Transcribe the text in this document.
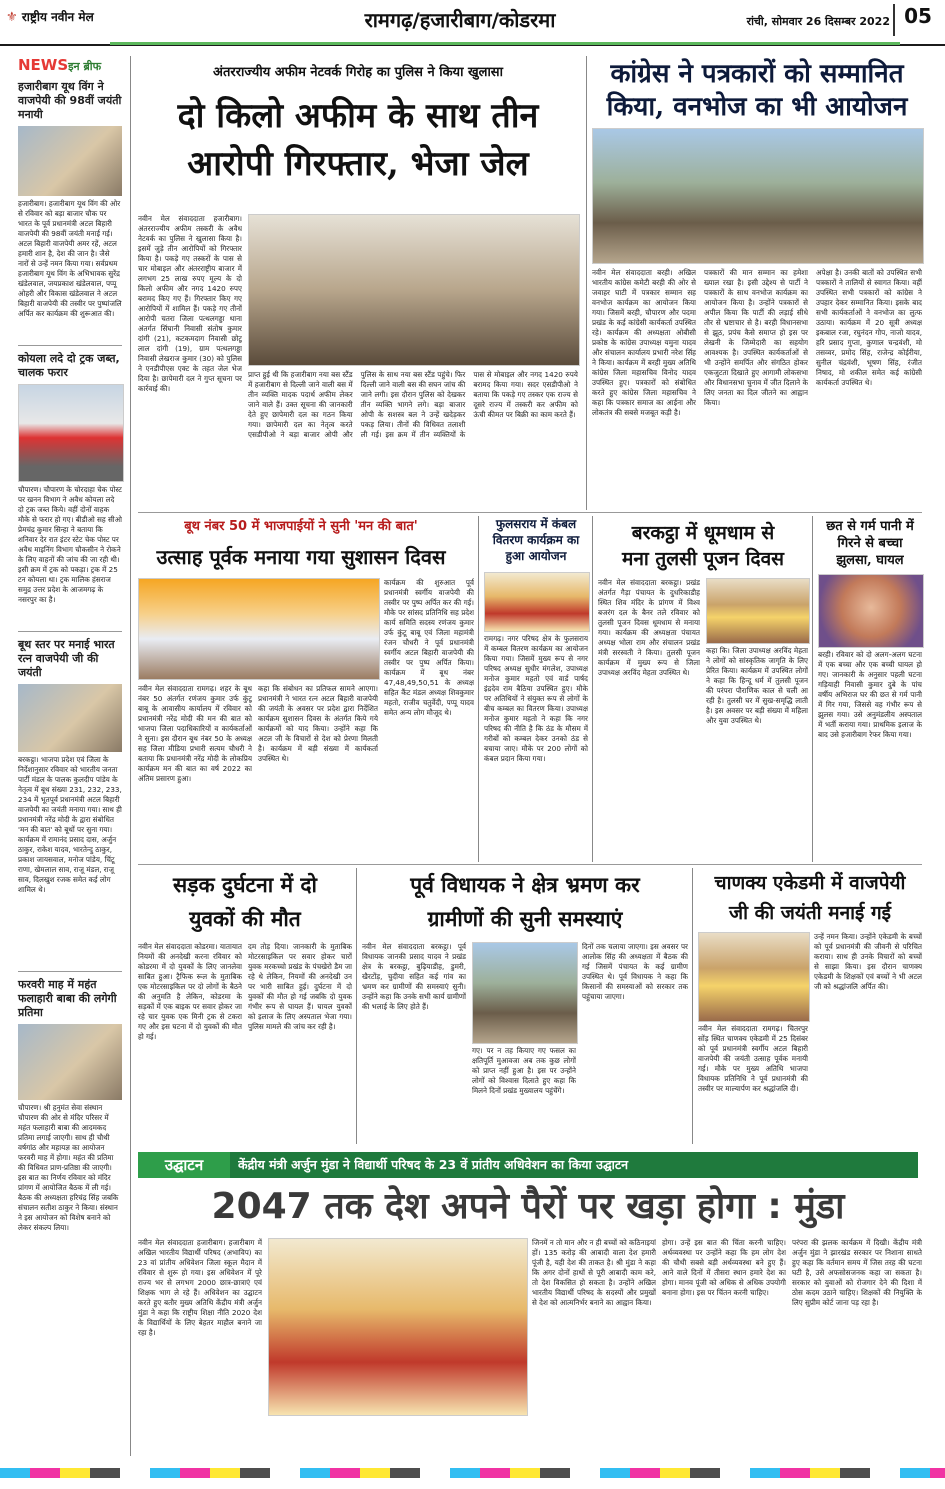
⚜ राष्ट्रीय नवीन मेल	रामगढ़/हजारीबाग/कोडरमा	रांची, सोमवार 26 दिसम्बर 2022 05
NEWSइन ब्रीफ
हजारीबाग यूथ विंग ने वाजपेयी की 98वीं जयंती मनायी
हजारीबाग। हजारीबाग यूथ विंग की ओर से रविवार को बड़ा बाजार चौक पर भारत के पूर्व प्रधानमंत्री अटल बिहारी वाजपेयी की 98वीं जयंती मनाई गई। अटल बिहारी वाजपेयी अमर रहें, अटल हमारी शान है, देश की जान है। जैसे नारों से उन्हें नमन किया गया। सर्वप्रथम हजारीबाग यूथ विंग के अभिभावक सुरेंद्र खंडेलवाल, जयप्रकाश खंडेलवाल, पप्पू ओहरी और विकास खंडेलवाल ने अटल बिहारी वाजपेयी की तस्वीर पर पुष्पांजलि अर्पित कर कार्यक्रम की शुरूआत की।
कोयला लदे दो ट्रक जब्त, चालक फरार
चौपारण। चौपारण के चोरदाहा चेक पोस्ट पर खनन विभाग ने अवैध कोयला लदे दो ट्रक जब्त किये। वहीं दोनों वाहक मौके से फरार हो गए। बीडीओ सह सीओ प्रेमचंद्र कुमार सिन्हा ने बताया कि शनिवार देर रात इंटर स्टेट चेक पोस्ट पर अवैध माइनिंग विभाग चौकसीन ने रोकने के लिए वाहनों की जांच की जा रही थी। इसी क्रम में ट्रक को पकड़ा। ट्रक में 25 टन कोयला था। ट्रक मालिक हंसराज समुद्र उत्तर प्रदेश के आजमगढ़ के नसरपुर का है।
बूथ स्तर पर मनाई भारत रत्न वाजपेयी जी की जयंती
बरकट्ठा। भाजपा प्रदेश एवं जिला के निर्देशानुसार रविवार को भारतीय जनता पार्टी मंडल के पालक कुलदीप पांडेय के नेतृत्व में बूथ संख्या 231, 232, 233, 234 में भूतपूर्व प्रधानमंत्री अटल बिहारी वाजपेयी का जयंती मनाया गया। साथ ही प्रधानमंत्री नरेंद्र मोदी के द्वारा संबोधित 'मन की बात' को बूथों पर सुना गया। कार्यक्रम में रामानंद प्रसाद दास, अर्जुन ठाकुर, राकेश यादव, भारतेन्दु ठाकुर, प्रकाश जायसवाल, मनोज पांडेय, चिंटू राणा, खेमलाल साव, राजू मंडल, राजू साव, दिलखुश रजक समेत कई लोग शामिल थे।
फरवरी माह में महंत फलाहारी बाबा की लगेगी प्रतिमा
चौपारण। श्री हनुमंत सेवा संस्थान चौपारण की ओर से मंदिर परिसर में महंत फलाहारी बाबा की आदमकद प्रतिमा लगाई जाएगी। साथ ही चौथी वर्षगांठ और महायज्ञ का आयोजन फरवरी माह में होगा। महंत की प्रतिमा की विधिवत प्राण-प्रतिष्ठा की जाएगी। इस बात का निर्णय रविवार को मंदिर प्रांगण में आयोजित बैठक में ली गई। बैठक की अध्यक्षता हरिचंद्र सिंह जबकि संचालन सतीश ठाकुर ने किया। संस्थान ने इस आयोजन को विशेष बनाने को लेकर संकल्प लिया।
अंतरराज्यीय अफीम नेटवर्क गिरोह का पुलिस ने किया खुलासा
दो किलो अफीम के साथ तीन
आरोपी गिरफ्तार, भेजा जेल
नवीन मेल संवाददाता हजारीबाग। अंतरराज्यीय अफीम तस्करी के अवैध नेटवर्क का पुलिस ने खुलासा किया है। इसमें जुड़े तीन आरोपियों को गिरफ्तार किया है। पकड़े गए तस्करों के पास से चार मोबाइल और अंतरराष्ट्रीय बाजार में लगभग 25 लाख रुपए मूल्य के दो किलो अफीम और नगद 1420 रुपए बरामद किए गए हैं। गिरफ्तार किए गए आरोपियों में शामिल हैं। पकड़े गए तीनों आरोपी चतरा जिला पत्थलगड्डा थाना अंतर्गत सिंघानी निवासी संतोष कुमार दांगी (21), कटकमदाग निवासी छोटू लाल दांगी (19), ग्राम पत्थलगड्डा निवासी लेखराज कुमार (30) को पुलिस ने एनडीपीएस एक्ट के तहत जेल भेज दिया है। छापेमारी दल ने गुप्त सूचना पर कार्रवाई की।
प्राप्त हुई थी कि हजारीबाग नया बस स्टैंड में हजारीबाग से दिल्ली जाने वाली बस में तीन व्यक्ति मादक पदार्थ अफीम लेकर जाने वाले हैं। उक्त सूचना की जानकारी देते हुए छापेमारी दल का गठन किया गया। छापेमारी दल का नेतृत्व करते एसडीपीओ ने बड़ा बाजार ओपी और पुलिस के साथ नया बस स्टैंड पहुंचे। फिर दिल्ली जाने वाली बस की सघन जांच की जाने लगी। इस दौरान पुलिस को देखकर तीन व्यक्ति भागने लगे। बड़ा बाजार ओपी के सशस्त्र बल ने उन्हें खदेड़कर पकड़ लिया। तीनों की विधिवत तलाशी ली गई। इस क्रम में तीन व्यक्तियों के पास से मोबाइल और नगद 1420 रुपये बरामद किया गया। सदर एसडीपीओ ने बताया कि पकड़े गए तस्कर एक राज्य से दूसरे राज्य में तस्करी कर अफीम को ऊंची कीमत पर बिक्री का काम करते हैं।
कांग्रेस ने पत्रकारों को सम्मानित
किया, वनभोज का भी आयोजन
नवीन मेल संवाददाता बरही। अखिल भारतीय कांग्रेस कमेटी बरही की ओर से जवाहर घाटी में पत्रकार सम्मान सह वनभोज कार्यक्रम का आयोजन किया गया। जिसमें बरही, चौपारण और पदमा प्रखंड के कई कांग्रेसी कार्यकर्ता उपस्थित रहे। कार्यक्रम की अध्यक्षता ओबीसी प्रकोष्ठ के कांग्रेस उपाध्यक्ष यमुना यादव और संचालन कार्यालय प्रभारी नरेश सिंह ने किया। कार्यक्रम में बरही मुख्य अतिथि कांग्रेस जिला महासचिव विनोद यादव उपस्थित हुए। पत्रकारों को संबोधित करते हुए कांग्रेस जिला महासचिव ने कहा कि पत्रकार समाज का आईना और लोकतंत्र की सबसे मजबूत कड़ी है।
पत्रकारों की मान सम्मान का हमेशा ख्याल रखा है। इसी उद्देश्य से पार्टी ने पत्रकारों के साथ वनभोज कार्यक्रम का आयोजन किया है। उन्होंने पत्रकारों से अपील किया कि पार्टी की लड़ाई सीधे तौर से भ्रष्टाचार से है। बरही विधानसभा से झूठ, प्रपंच कैसे समाप्त हो इस पर लेखनी के जिम्मेदारी का सहयोग आवश्यक है। उपस्थित कार्यकर्ताओं से भी उन्होंने समर्पित और संगठित होकर एकजुटता दिखाते हुए आगामी लोकसभा और विधानसभा चुनाव में जीत दिलाने के लिए जनता का दिल जीतने का आह्वान किया।
अपेक्षा है। उनकी बातों को उपस्थित सभी पत्रकारों ने तालियों से स्वागत किया। वहीं उपस्थित सभी पत्रकारों को कांग्रेस ने उपहार देकर सम्मानित किया। इसके बाद सभी कार्यकर्ताओं ने वनभोज का लुत्फ उठाया। कार्यक्रम में 20 सूत्री अध्यक्ष इकबाल रजा, रघुनंदन गोप, नाजो यादव, हरि प्रसाद गुप्ता, कुणाल चन्द्रवंशी, मो तसव्वर, प्रमोद सिंह, राजेन्द्र कोईरीया, सुनील चंद्रवंशी, भूषण सिंह, रंजीत निषाद, मो शकील समेत कई कांग्रेसी कार्यकर्ता उपस्थित थे।
बूथ नंबर 50 में भाजपाईयों ने सुनी 'मन की बात'
उत्साह पूर्वक मनाया गया सुशासन दिवस
नवीन मेल संवाददाता रामगढ़। शहर के बूथ नंबर 50 अंतर्गत रणंजय कुमार उर्फ कुंटू बाबू के आवासीय कार्यालय में रविवार को प्रधानमंत्री नरेंद्र मोदी की मन की बात को भाजपा जिला पदाधिकारियों व कार्यकर्ताओं ने सुना। इस दौरान बूथ नंबर 50 के अध्यक्ष सह जिला मीडिया प्रभारी सत्यम चौधरी ने बताया कि प्रधानमंत्री नरेंद्र मोदी के लोकप्रिय कार्यक्रम मन की बात का वर्ष 2022 का अंतिम प्रसारण हुआ।
कहा कि संबोधन का प्रतिफल सामने आएगा। प्रधानमंत्री ने भारत रत्न अटल बिहारी वाजपेयी की जयंती के अवसर पर प्रदेश द्वारा निर्देशित कार्यक्रम सुशासन दिवस के अंतर्गत किये गये कार्यक्रमों को याद किया। उन्होंने कहा कि अटल जी के विचारों से देश को प्रेरणा मिलती है। कार्यक्रम में बड़ी संख्या में कार्यकर्ता उपस्थित थे।
कार्यक्रम की शुरुआत पूर्व प्रधानमंत्री स्वर्गीय वाजपेयी की तस्वीर पर पुष्प अर्पित कर की गई। मौके पर सांसद प्रतिनिधि सह प्रदेश कार्य समिति सदस्य रणंजय कुमार उर्फ कुंटू बाबू एवं जिला महामंत्री रंजन चौधरी ने पूर्व प्रधानमंत्री स्वर्गीय अटल बिहारी वाजपेयी की तस्वीर पर पुष्प अर्पित किया। कार्यक्रम में बूथ नंबर 47,48,49,50,51 के अध्यक्ष सहित कैंट मंडल अध्यक्ष शिवकुमार महतो, राजीव चतुर्वेदी, पप्पू यादव समेत अन्य लोग मौजूद थे।
फुलसराय में कंबल वितरण कार्यक्रम का हुआ आयोजन
रामगढ़। नगर परिषद क्षेत्र के फुलसराय में कम्बल वितरण कार्यक्रम का आयोजन किया गया। जिसमें मुख्य रूप से नगर परिषद अध्यक्ष सुधीर मंगलेश, उपाध्यक्ष मनोज कुमार महतो एवं वार्ड पार्षद इंद्रदेव राम बैठिया उपस्थित हुए। मौके पर अतिथियों ने संयुक्त रूप से लोगों के बीच कम्बल का वितरण किया। उपाध्यक्ष मनोज कुमार महतो ने कहा कि नगर परिषद की नीति है कि ठंड के मौसम में गरीबों को कम्बल देकर उनको ठंड से बचाया जाए। मौके पर 200 लोगों को कंबल प्रदान किया गया।
बरकट्ठा में धूमधाम से
मना तुलसी पूजन दिवस
नवीन मेल संवाददाता बरकट्ठा। प्रखंड अंतर्गत गैड़ा पंचायत के दुधरिकाडीह स्थित शिव मंदिर के प्रांगण में विश्व बजरंग दल के बैनर तले रविवार को तुलसी पूजन दिवस धूमधाम से मनाया गया। कार्यक्रम की अध्यक्षता पंचायत अध्यक्ष भोला राम और संचालन प्रखंड मंत्री सरस्वती ने किया। तुलसी पूजन कार्यक्रम में मुख्य रूप से जिला उपाध्यक्ष अरविंद मेहता उपस्थित थे।
कहा कि। जिला उपाध्यक्ष अरविंद मेहता ने लोगों को सांस्कृतिक जागृति के लिए प्रेरित किया। कार्यक्रम में उपस्थित लोगों ने कहा कि हिन्दू धर्म में तुलसी पूजन की परंपरा पौराणिक काल से चली आ रही है। तुलसी घर में सुख-समृद्धि लाती है। इस अवसर पर बड़ी संख्या में महिला और युवा उपस्थित थे।
छत से गर्म पानी में गिरने से बच्चा झुलसा, घायल
बरही। रविवार को दो अलग-अलग घटना में एक बच्चा और एक बच्ची घायल हो गए। जानकारी के अनुसार पहली घटना गड़ियाही निवासी कुमार दुबे के पांच वर्षीय अभिराज घर की छत से गर्म पानी में गिर गया, जिससे वह गंभीर रूप से झुलस गया। उसे अनुमंडलीय अस्पताल में भर्ती कराया गया। प्राथमिक इलाज के बाद उसे हजारीबाग रेफर किया गया।
सड़क दुर्घटना में दो
युवकों की मौत
नवीन मेल संवाददाता कोडरमा। यातायात नियमों की अनदेखी करना रविवार को कोडरमा में दो युवकों के लिए जानलेवा साबित हुआ। ट्रैफिक रूल के मुताबिक एक मोटरसाइकिल पर दो लोगों के बैठने की अनुमति है लेकिन, कोडरमा के सड़कों में एक बाइक पर सवार होकर जा रहे चार युवक एक मिनी ट्रक से टकरा गए और इस घटना में दो युवकों की मौत हो गई।
दम तोड़ दिया। जानकारी के मुताबिक मोटरसाइकिल पर सवार होकर चारों युवक मरकच्चो प्रखंड के पंचखेरो डैम जा रहे थे लेकिन, नियमों की अनदेखी उन पर भारी साबित हुई। दुर्घटना में दो युवकों की मौत हो गई जबकि दो युवक गंभीर रूप से घायल हैं। घायल युवकों को इलाज के लिए अस्पताल भेजा गया। पुलिस मामले की जांच कर रही है।
पूर्व विधायक ने क्षेत्र भ्रमण कर
ग्रामीणों की सुनी समस्याएं
नवीन मेल संवाददाता बरकट्ठा। पूर्व विधायक जानकी प्रसाद यादव ने प्रखंड क्षेत्र के बरकट्ठा, बुढ़ियाडीह, डुमरी, खैरटोंड़, चुदीया सहित कई गांव का भ्रमण कर ग्रामीणों की समस्याएं सुनी। उन्होंने कहा कि उनके सभी कार्य ग्रामीणों की भलाई के लिए होते हैं।
गए। पर न तह कियाए गए फसल का क्षतिपूर्ति मुआवजा अब तक कुछ लोगों को प्राप्त नहीं हुआ है। इस पर उन्होंने लोगों को विश्वास दिलाते हुए कहा कि मिलने दिनों प्रखंड मुख्यालय पहुंचेंगे।
दिनों तक चलाया जाएगा। इस अवसर पर आलोक सिंह की अध्यक्षता में बैठक की गई जिसमें पंचायत के कई ग्रामीण उपस्थित थे। पूर्व विधायक ने कहा कि किसानों की समस्याओं को सरकार तक पहुंचाया जाएगा।
चाणक्य एकेडमी में वाजपेयी
जी की जयंती मनाई गई
नवीन मेल संवाददाता रामगढ़। चितरपुर सोंड़ स्थित चाणक्य एकेडमी में 25 दिसंबर को पूर्व प्रधानमंत्री स्वर्गीय अटल बिहारी वाजपेयी की जयंती उत्साह पूर्वक मनायी गई। मौके पर मुख्य अतिथि भाजपा विधायक प्रतिनिधि ने पूर्व प्रधानमंत्री की तस्वीर पर माल्यार्पण कर श्रद्धांजलि दी।
उन्हें नमन किया। उन्होंने एकेडमी के बच्चों को पूर्व प्रधानमंत्री की जीवनी से परिचित कराया। साथ ही उनके विचारों को बच्चों से साझा किया। इस दौरान चाणक्य एकेडमी के शिक्षकों एवं बच्चों ने भी अटल जी को श्रद्धांजलि अर्पित की।
केंद्रीय मंत्री अर्जुन मुंडा ने विद्यार्थी परिषद के 23 वें प्रांतीय अधिवेशन का किया उद्घाटन
उद्घाटन
2047 तक देश अपने पैरों पर खड़ा होगा : मुंडा
नवीन मेल संवाददाता हजारीबाग। हजारीबाग में अखिल भारतीय विद्यार्थी परिषद (अभाविप) का 23 वां प्रांतीय अधिवेशन जिला स्कूल मैदान में रविवार से शुरू हो गया। इस अधिवेशन में पूरे राज्य भर से लगभग 2000 छात्र-छात्राएं एवं शिक्षक भाग ले रहे हैं। अधिवेशन का उद्घाटन करते हुए बतौर मुख्य अतिथि केंद्रीय मंत्री अर्जुन मुंडा ने कहा कि राष्ट्रीय शिक्षा नीति 2020 देश के विद्यार्थियों के लिए बेहतर माहौल बनाने जा रहा है।
जिनमें न तो मान और न ही बच्चों को कठिनाइयां हों। 135 करोड़ की आबादी वाला देश हमारी पूंजी है, यही देश की ताकत है। श्री मुंडा ने कहा कि अगर दोनों हाथों से पूरी आबादी काम करे, तो देश विकसित हो सकता है। उन्होंने अखिल भारतीय विद्यार्थी परिषद के सदस्यों और प्रमुखों से देश को आत्मनिर्भर बनाने का आह्वान किया।
होगा। उन्हें इस बात की चिंता करनी चाहिए। अर्थव्यवस्था पर उन्होंने कहा कि हम लोग देश की चौथी सबसे बड़ी अर्थव्यवस्था बने हुए हैं। आने वाले दिनों में तीसरा स्थान हमारे देश का होगा। मानव पूंजी को अधिक से अधिक उपयोगी बनाना होगा। इस पर चिंतन करनी चाहिए।
परंपरा की झलक कार्यक्रम में दिखी। केंद्रीय मंत्री अर्जुन मुंडा ने झारखंड सरकार पर निशाना साधते हुए कहा कि वर्तमान समय में जिस तरह की घटना घटी है, उसे अफसोसजनक कहा जा सकता है। सरकार को युवाओं को रोजगार देने की दिशा में ठोस कदम उठाने चाहिए। शिक्षकों की नियुक्ति के लिए सुप्रीम कोर्ट जाना पड़ रहा है।
